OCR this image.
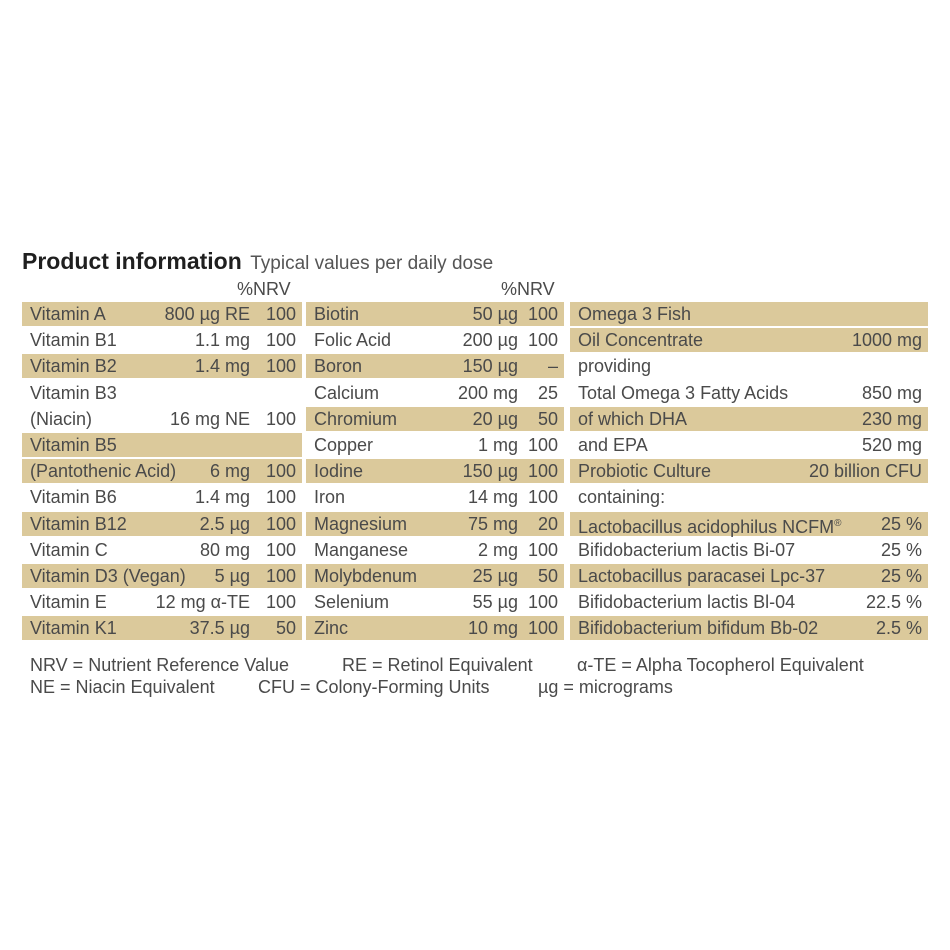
Product information Typical values per daily dose
%NRV	%NRV
Vitamin A	800 µg RE 100
Vitamin B1	1.1 mg 100
Vitamin B2	1.4 mg 100
Vitamin B3
(Niacin)	16 mg NE 100
Vitamin B5
(Pantothenic Acid) 6 mg 100
Vitamin B6	1.4 mg 100
Vitamin B12	2.5 µg 100
Vitamin C	80 mg 100
Vitamin D3 (Vegan) 5 µg 100
Vitamin E	12 mg α-TE 100
Vitamin K1	37.5 µg 50
Biotin	50 µg 100
Folic Acid	200 µg 100
Boron	150 µg –
Calcium	200 mg 25
Chromium	20 µg 50
Copper	1 mg 100
Iodine	150 µg 100
Iron	14 mg 100
Magnesium	75 mg 20
Manganese	2 mg 100
Molybdenum	25 µg 50
Selenium	55 µg 100
Zinc	10 mg 100
Omega 3 Fish
Oil Concentrate	1000 mg
providing
Total Omega 3 Fatty Acids	850 mg
of which DHA	230 mg
and EPA	520 mg
Probiotic Culture	20 billion CFU
containing:
Lactobacillus acidophilus NCFM® 25 %
Bifidobacterium lactis Bi-07	25 %
Lactobacillus paracasei Lpc-37	25 %
Bifidobacterium lactis Bl-04	22.5 %
Bifidobacterium bifidum Bb-02	2.5 %
NRV = Nutrient Reference Value	RE = Retinol Equivalent α-TE = Alpha Tocopherol Equivalent
NE = Niacin Equivalent CFU = Colony-Forming Units	µg = micrograms
